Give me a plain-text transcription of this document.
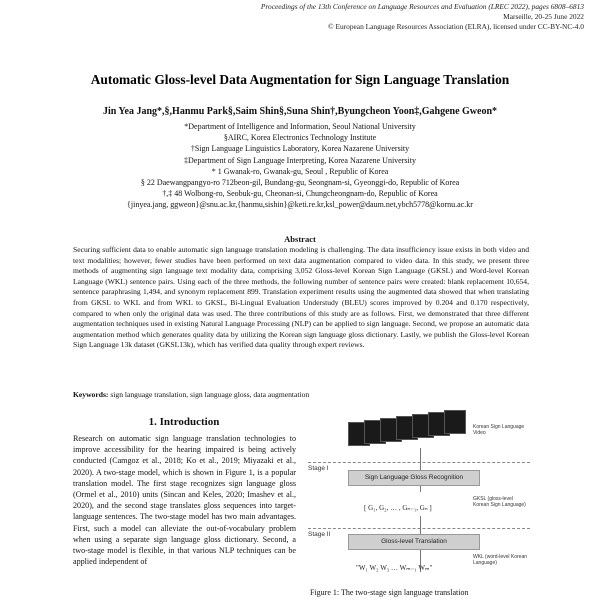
Proceedings of the 13th Conference on Language Resources and Evaluation (LREC 2022), pages 6808–6813
Marseille, 20-25 June 2022
© European Language Resources Association (ELRA), licensed under CC-BY-NC-4.0
Automatic Gloss-level Data Augmentation for Sign Language Translation
Jin Yea Jang*,§,Hanmu Park§,Saim Shin§,Suna Shin†,Byungcheon Yoon‡,Gahgene Gweon*
*Department of Intelligence and Information, Seoul National University
§AIRC, Korea Electronics Technology Institute
†Sign Language Linguistics Laboratory, Korea Nazarene University
‡Department of Sign Language Interpreting, Korea Nazarene University
* 1 Gwanak-ro, Gwanak-gu, Seoul , Republic of Korea
§ 22 Daewangpangyo-ro 712beon-gil, Bundang-gu, Seongnam-si, Gyeonggi-do, Republic of Korea
†,‡ 48 Wolbong-ro, Seobuk-gu, Cheonan-si, Chungcheongnam-do, Republic of Korea
{jinyea.jang, ggweon}@snu.ac.kr,{hanmu,sishin}@keti.re.kr,ksl_power@daum.net,ybch5778@kornu.ac.kr
Abstract
Securing sufficient data to enable automatic sign language translation modeling is challenging. The data insufficiency issue exists in both video and text modalities; however, fewer studies have been performed on text data augmentation compared to video data. In this study, we present three methods of augmenting sign language text modality data, comprising 3,052 Gloss-level Korean Sign Language (GKSL) and Word-level Korean Language (WKL) sentence pairs. Using each of the three methods, the following number of sentence pairs were created: blank replacement 10,654, sentence paraphrasing 1,494, and synonym replacement 899. Translation experiment results using the augmented data showed that when translating from GKSL to WKL and from WKL to GKSL, Bi-Lingual Evaluation Understudy (BLEU) scores improved by 0.204 and 0.170 respectively, compared to when only the original data was used. The three contributions of this study are as follows. First, we demonstrated that three different augmentation techniques used in existing Natural Language Processing (NLP) can be applied to sign language. Second, we propose an automatic data augmentation method which generates quality data by utilizing the Korean sign language gloss dictionary. Lastly, we publish the Gloss-level Korean Sign Language 13k dataset (GKSL13k), which has verified data quality through expert reviews.
Keywords: sign language translation, sign language gloss, data augmentation
1. Introduction
Research on automatic sign language translation technologies to improve accessibility for the hearing impaired is being actively conducted (Camgoz et al., 2018; Ko et al., 2019; Miyazaki et al., 2020). A two-stage model, which is shown in Figure 1, is a popular translation model. The first stage recognizes sign language gloss (Ormel et al., 2010) units (Sincan and Keles, 2020; Imashev et al., 2020), and the second stage translates gloss sequences into target-language sentences. The two-stage model has two main advantages. First, such a model can alleviate the out-of-vocabulary problem when using a separate sign language gloss dictionary. Second, a two-stage model is flexible, in that various NLP techniques can be applied independent of
Korean Sign Language Video
Stage I
Sign Language Gloss Recognition
[ G₁, G₂, … , Gₙ₋₁, Gₙ ]
GKSL (gloss-level Korean Sign Language)
Stage II
Gloss-level Translation
"W₁ W₂ W₃ … Wₘ₋₁ Wₘ"
WKL (word-level Korean Language)
Figure 1: The two-stage sign language translation
